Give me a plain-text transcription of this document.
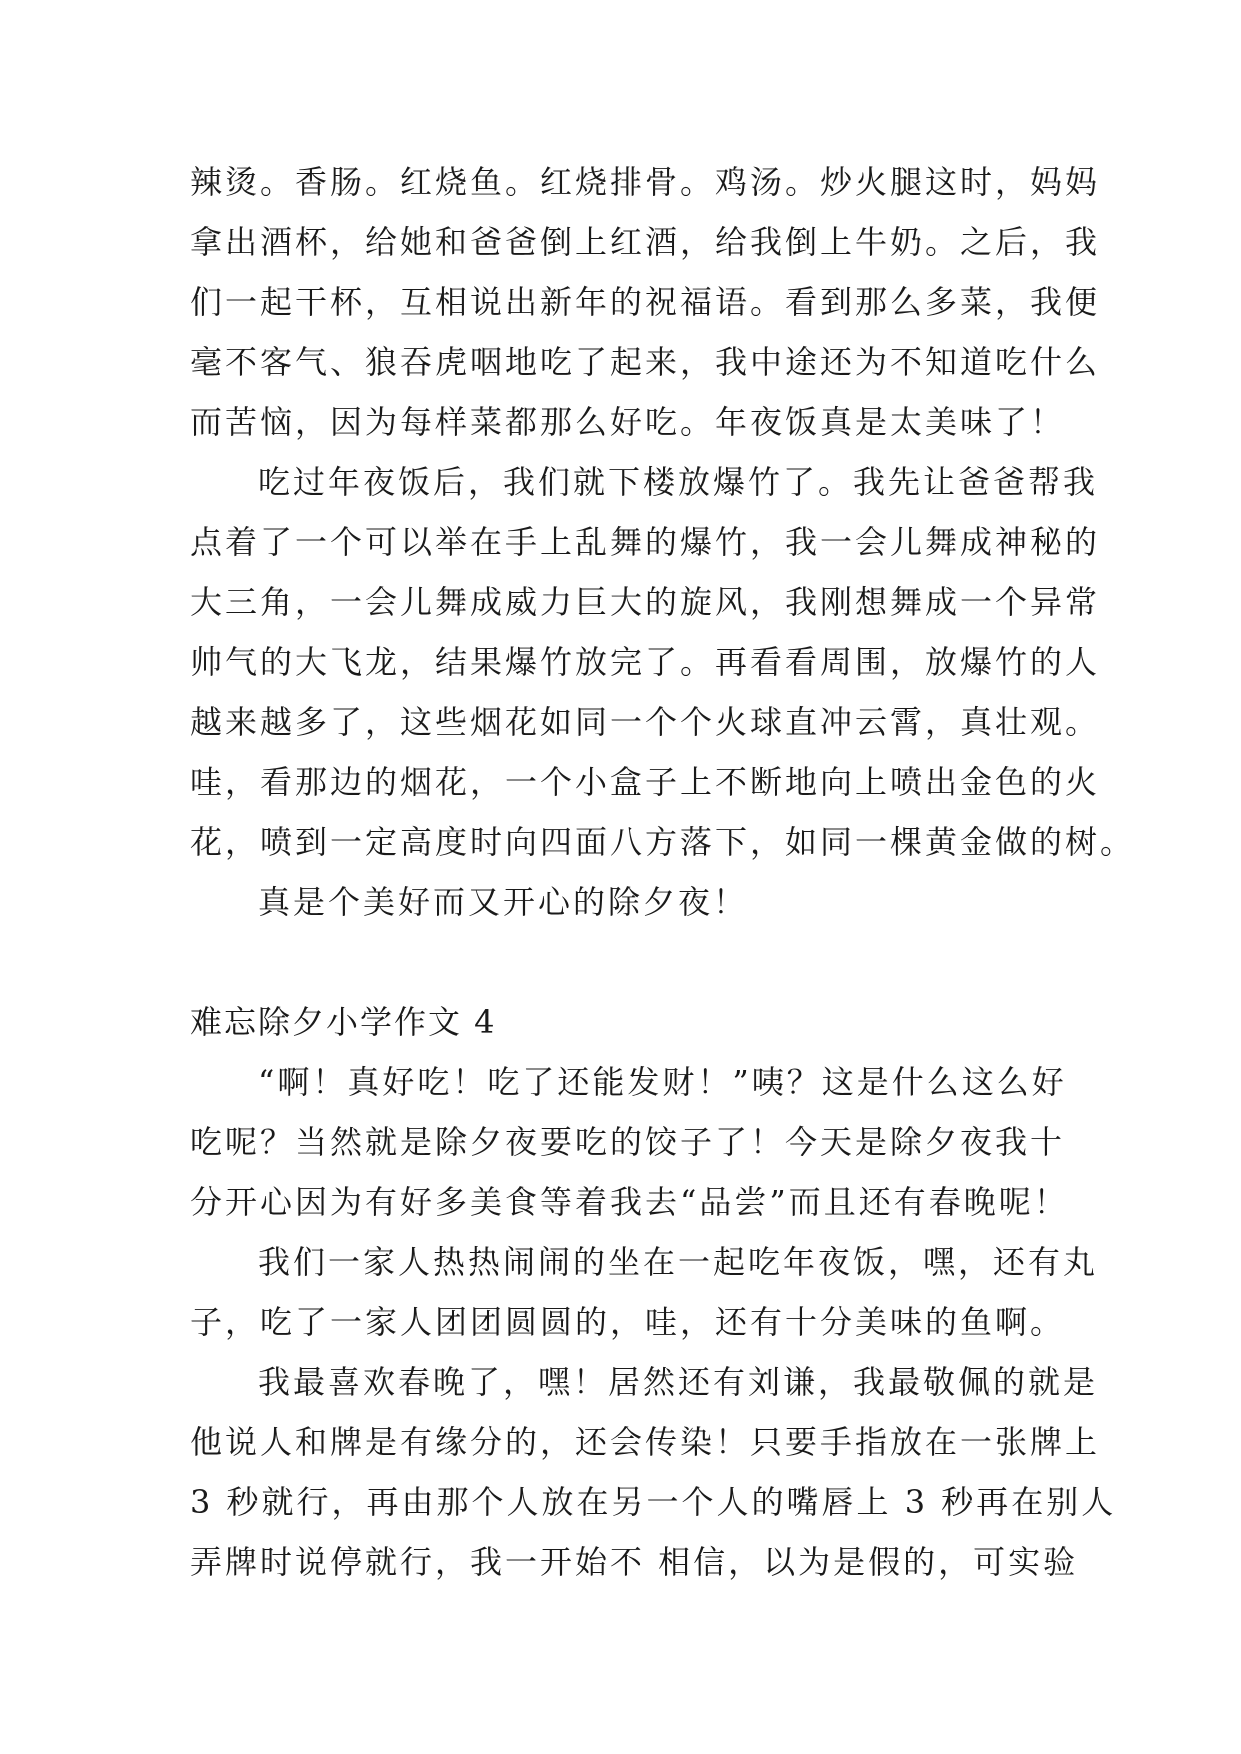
辣烫。香肠。红烧鱼。红烧排骨。鸡汤。炒火腿这时，妈妈
拿出酒杯，给她和爸爸倒上红酒，给我倒上牛奶。之后，我
们一起干杯，互相说出新年的祝福语。看到那么多菜，我便
毫不客气、狼吞虎咽地吃了起来，我中途还为不知道吃什么
而苦恼，因为每样菜都那么好吃。年夜饭真是太美味了！
吃过年夜饭后，我们就下楼放爆竹了。我先让爸爸帮我
点着了一个可以举在手上乱舞的爆竹，我一会儿舞成神秘的
大三角，一会儿舞成威力巨大的旋风，我刚想舞成一个异常
帅气的大飞龙，结果爆竹放完了。再看看周围，放爆竹的人
越来越多了，这些烟花如同一个个火球直冲云霄，真壮观。
哇，看那边的烟花，一个小盒子上不断地向上喷出金色的火
花，喷到一定高度时向四面八方落下，如同一棵黄金做的树。
真是个美好而又开心的除夕夜！
难忘除夕小学作文 4
“啊！真好吃！吃了还能发财！”咦？这是什么这么好
吃呢？当然就是除夕夜要吃的饺子了！今天是除夕夜我十
分开心因为有好多美食等着我去“品尝”而且还有春晚呢！
我们一家人热热闹闹的坐在一起吃年夜饭，嘿，还有丸
子，吃了一家人团团圆圆的，哇，还有十分美味的鱼啊。
我最喜欢春晚了，嘿！居然还有刘谦，我最敬佩的就是
他说人和牌是有缘分的，还会传染！只要手指放在一张牌上
3 秒就行，再由那个人放在另一个人的嘴唇上 3 秒再在别人
弄牌时说停就行，我一开始不 相信，以为是假的，可实验
